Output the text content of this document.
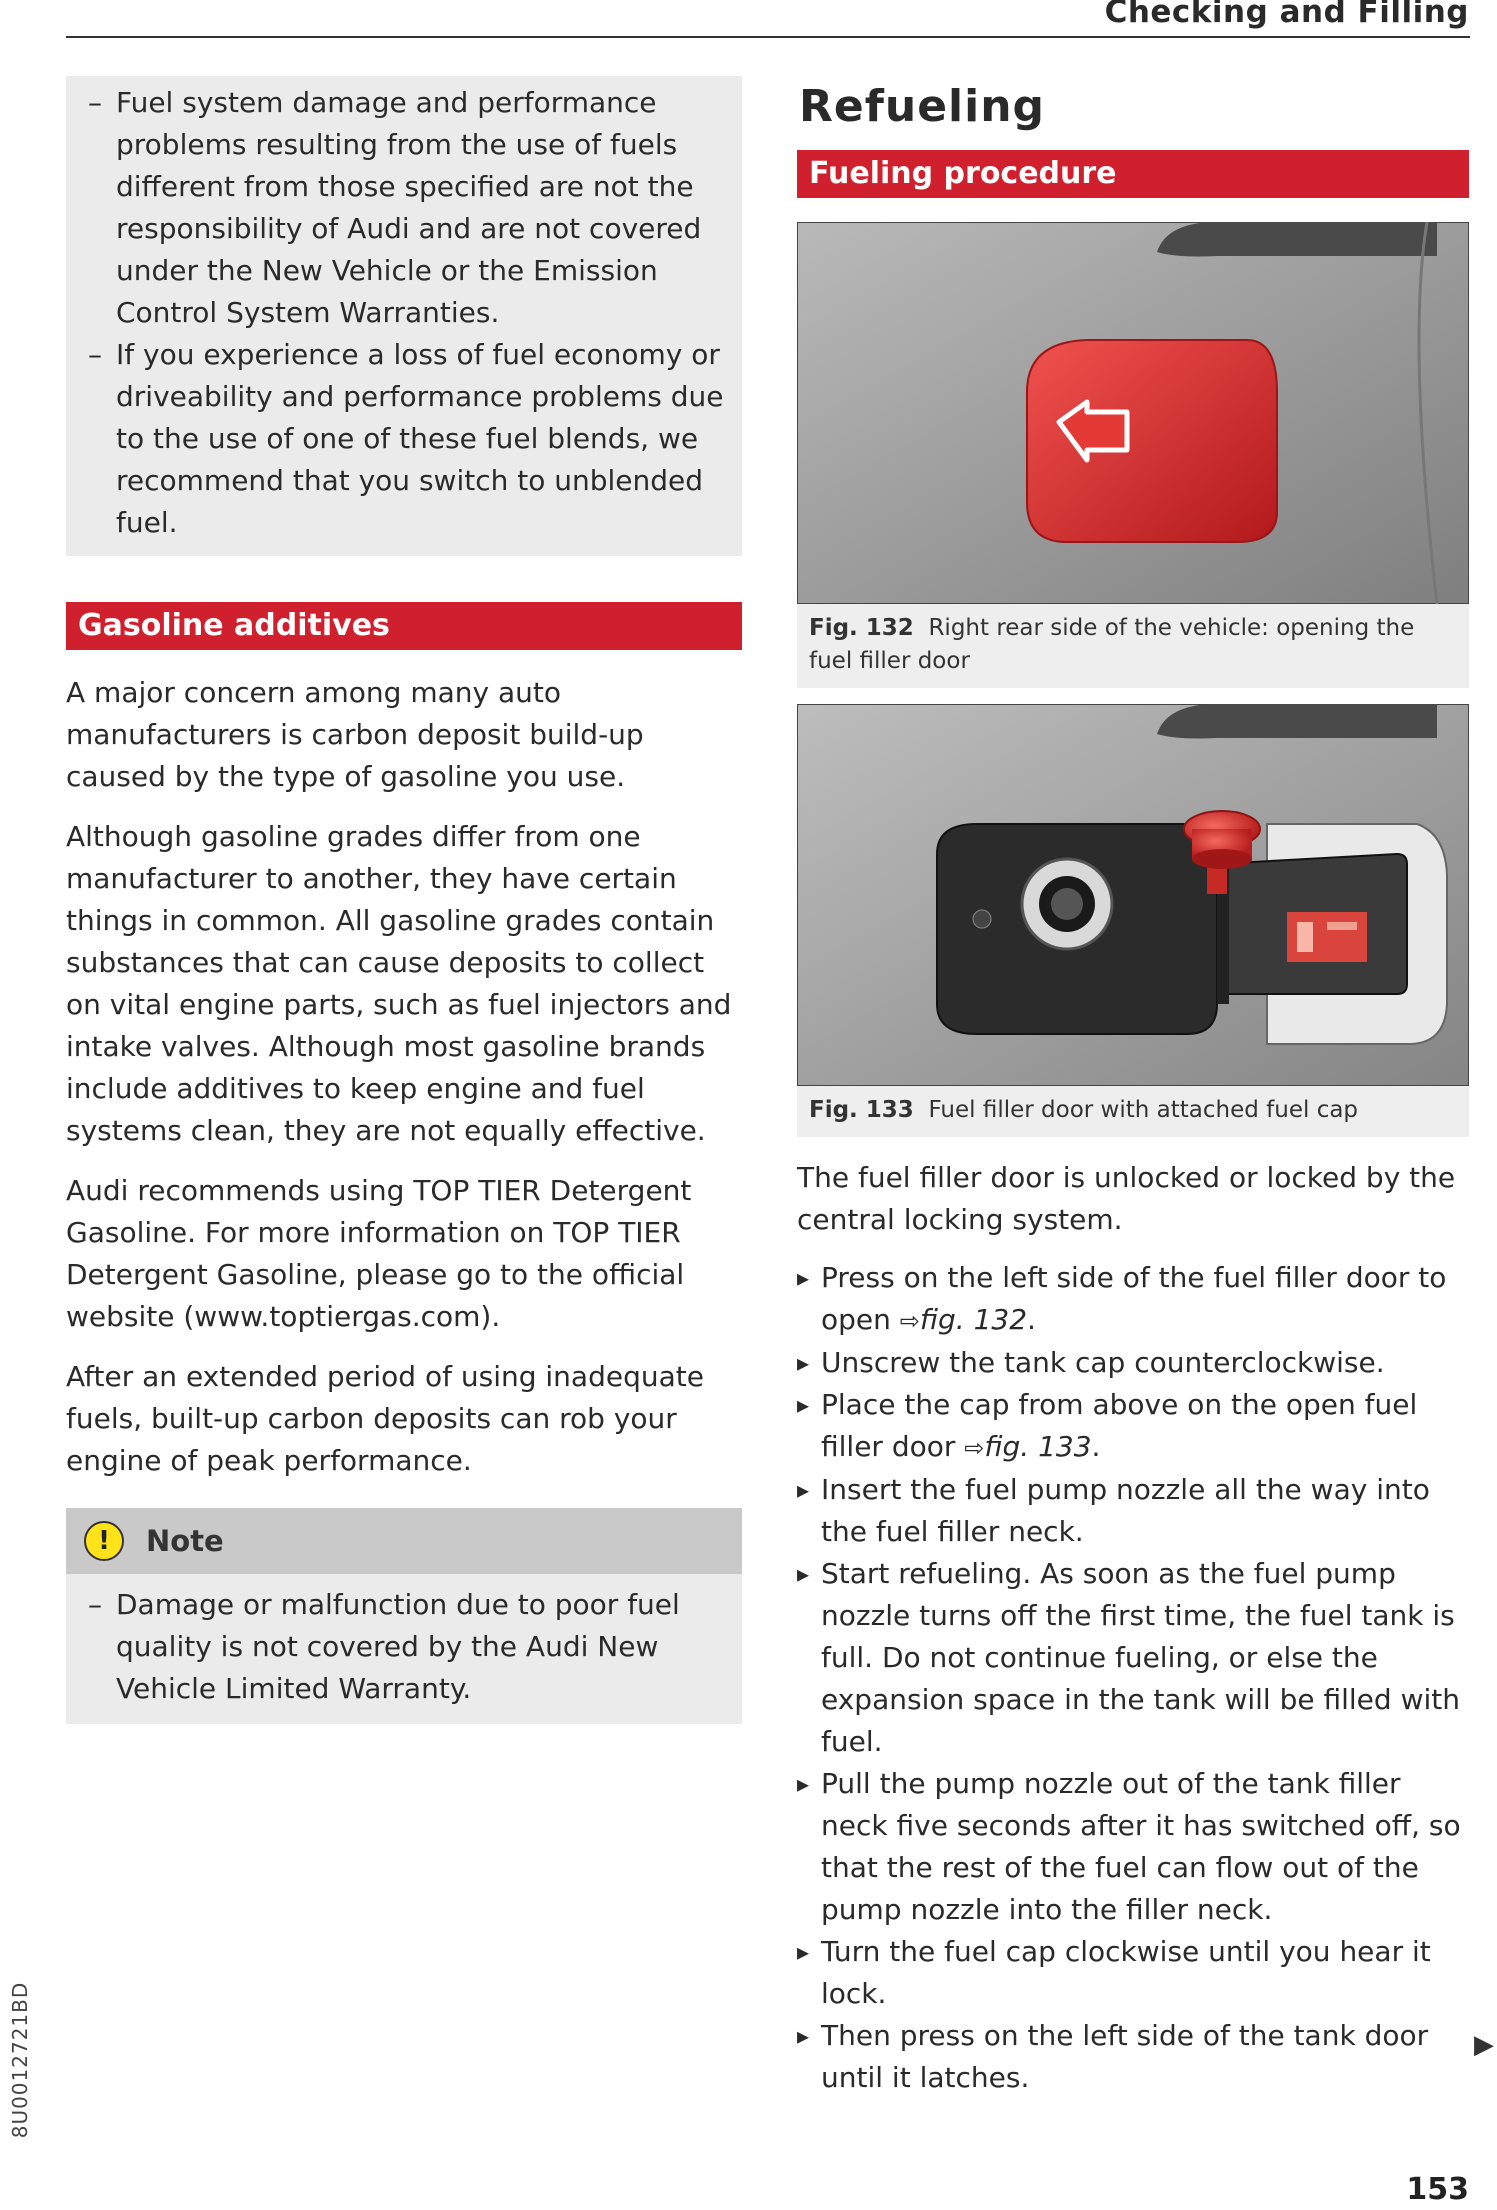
Checking and Filling
– Fuel system damage and performance problems resulting from the use of fuels different from those specified are not the responsibility of Audi and are not covered under the New Vehicle or the Emission Control System Warranties.
– If you experience a loss of fuel economy or driveability and performance problems due to the use of one of these fuel blends, we recommend that you switch to unblended fuel.
Gasoline additives

A major concern among many auto manufacturers is carbon deposit build-up caused by the type of gasoline you use.

Although gasoline grades differ from one manufacturer to another, they have certain things in common. All gasoline grades contain substances that can cause deposits to collect on vital engine parts, such as fuel injectors and intake valves. Although most gasoline brands include additives to keep engine and fuel systems clean, they are not equally effective.

Audi recommends using TOP TIER Detergent Gasoline. For more information on TOP TIER Detergent Gasoline, please go to the official website (www.toptiergas.com).

After an extended period of using inadequate fuels, built-up carbon deposits can rob your engine of peak performance.

!	Note
– Damage or malfunction due to poor fuel quality is not covered by the Audi New Vehicle Limited Warranty.
Refueling
Fueling procedure
Fig. 132 Right rear side of the vehicle: opening the fuel filler door
Fig. 133 Fuel filler door with attached fuel cap

The fuel filler door is unlocked or locked by the central locking system.

▸ Press on the left side of the fuel filler door to open ⇨fig. 132.
▸ Unscrew the tank cap counterclockwise.
▸ Place the cap from above on the open fuel filler door ⇨fig. 133.
▸ Insert the fuel pump nozzle all the way into the fuel filler neck.
▸ Start refueling. As soon as the fuel pump nozzle turns off the first time, the fuel tank is full. Do not continue fueling, or else the expansion space in the tank will be filled with fuel.
▸ Pull the pump nozzle out of the tank filler neck five seconds after it has switched off, so that the rest of the fuel can flow out of the pump nozzle into the filler neck.
▸ Turn the fuel cap clockwise until you hear it lock.
▸ Then press on the left side of the tank door until it latches.
▶
8U0012721BD
153
